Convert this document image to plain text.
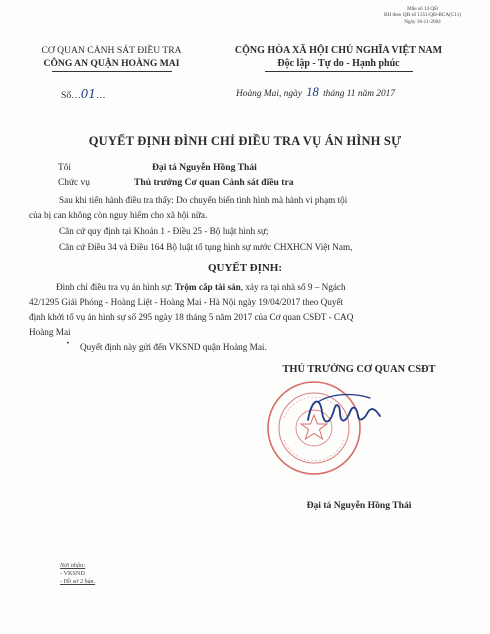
Mẫu số 14 QĐ
BH theo QĐ số 1351/QĐ-BCA(C11)
Ngày 18-11-2004
CƠ QUAN CẢNH SÁT ĐIỀU TRA
CÔNG AN QUẬN HOÀNG MAI
CỘNG HÒA XÃ HỘI CHỦ NGHĨA VIỆT NAM
Độc lập - Tự do - Hạnh phúc
Số…01…	Hoàng Mai, ngày 18 tháng 11 năm 2017
QUYẾT ĐỊNH ĐÌNH CHỈ ĐIỀU TRA VỤ ÁN HÌNH SỰ
Tôi	Đại tá Nguyễn Hồng Thái
Chức vụ	Thủ trưởng Cơ quan Cảnh sát điều tra
Sau khi tiến hành điều tra thấy: Do chuyển biến tình hình mà hành vi phạm tội
của bị can không còn nguy hiểm cho xã hội nữa.
Căn cứ quy định tại Khoản 1 - Điều 25 - Bộ luật hình sự;
Căn cứ Điều 34 và Điều 164 Bộ luật tố tụng hình sự nước CHXHCN Việt Nam,
QUYẾT ĐỊNH:
Đình chỉ điều tra vụ án hình sự: Trộm cắp tài sản, xảy ra tại nhà số 9 – Ngách
42/1295 Giải Phóng - Hoàng Liệt - Hoàng Mai - Hà Nội ngày 19/04/2017 theo Quyết
định khởi tố vụ án hình sự số 295 ngày 18 tháng 5 năm 2017 của Cơ quan CSĐT - CAQ
Hoàng Mai
· Quyết định này gửi đến VKSND quận Hoàng Mai.
THỦ TRƯỞNG CƠ QUAN CSĐT
Đại tá Nguyễn Hồng Thái
Nơi nhận:
- VKSND
- Hồ sơ 2 bản.
